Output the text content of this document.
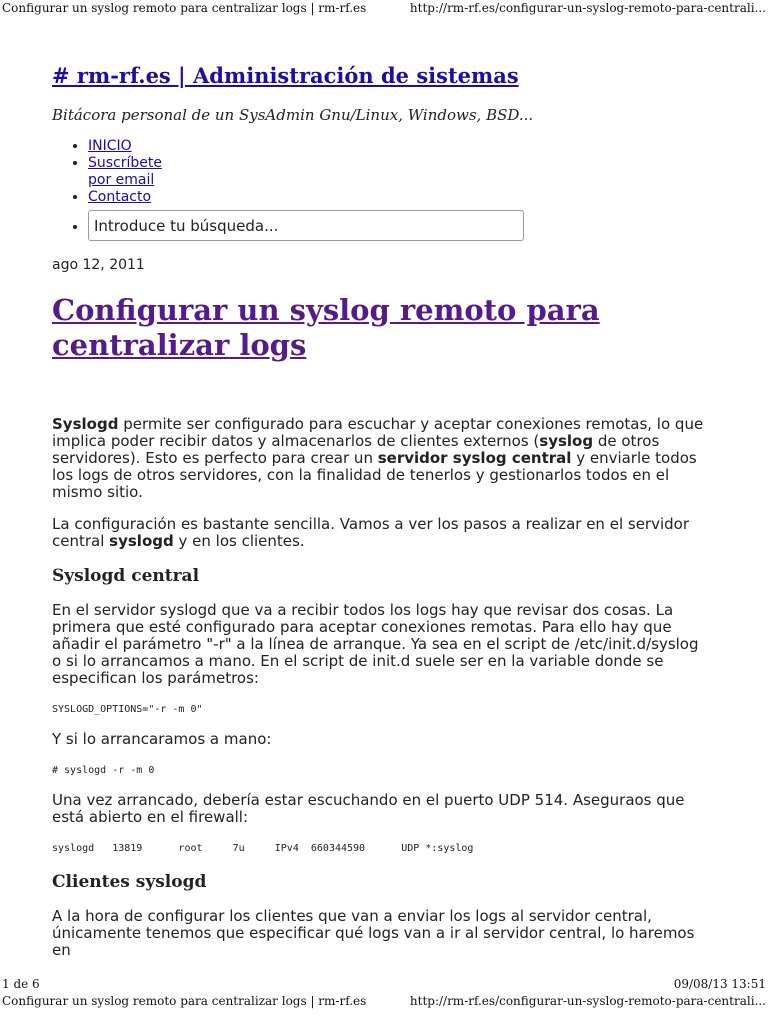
Configurar un syslog remoto para centralizar logs | rm-rf.es	http://rm-rf.es/configurar-un-syslog-remoto-para-centrali...
# rm-rf.es | Administración de sistemas
Bitácora personal de un SysAdmin Gnu/Linux, Windows, BSD...
• INICIO
• Suscríbete por email
• Contacto
• Introduce tu búsqueda...
ago 12, 2011
Configurar un syslog remoto para centralizar logs

Syslogd permite ser configurado para escuchar y aceptar conexiones remotas, lo que implica poder recibir datos y almacenarlos de clientes externos (syslog de otros servidores). Esto es perfecto para crear un servidor syslog central y enviarle todos los logs de otros servidores, con la finalidad de tenerlos y gestionarlos todos en el mismo sitio.

La configuración es bastante sencilla. Vamos a ver los pasos a realizar en el servidor central syslogd y en los clientes.

Syslogd central

En el servidor syslogd que va a recibir todos los logs hay que revisar dos cosas. La primera que esté configurado para aceptar conexiones remotas. Para ello hay que añadir el parámetro "-r" a la línea de arranque. Ya sea en el script de /etc/init.d/syslog o si lo arrancamos a mano. En el script de init.d suele ser en la variable donde se especifican los parámetros:

SYSLOGD_OPTIONS="-r -m 0"

Y si lo arrancaramos a mano:

# syslogd -r -m 0

Una vez arrancado, debería estar escuchando en el puerto UDP 514. Aseguraos que está abierto en el firewall:

syslogd   13819      root     7u     IPv4  660344590      UDP *:syslog
Clientes syslogd

A la hora de configurar los clientes que van a enviar los logs al servidor central, únicamente tenemos que especificar qué logs van a ir al servidor central, lo haremos en

1 de 6	09/08/13 13:51
Configurar un syslog remoto para centralizar logs | rm-rf.es	http://rm-rf.es/configurar-un-syslog-remoto-para-centrali...
